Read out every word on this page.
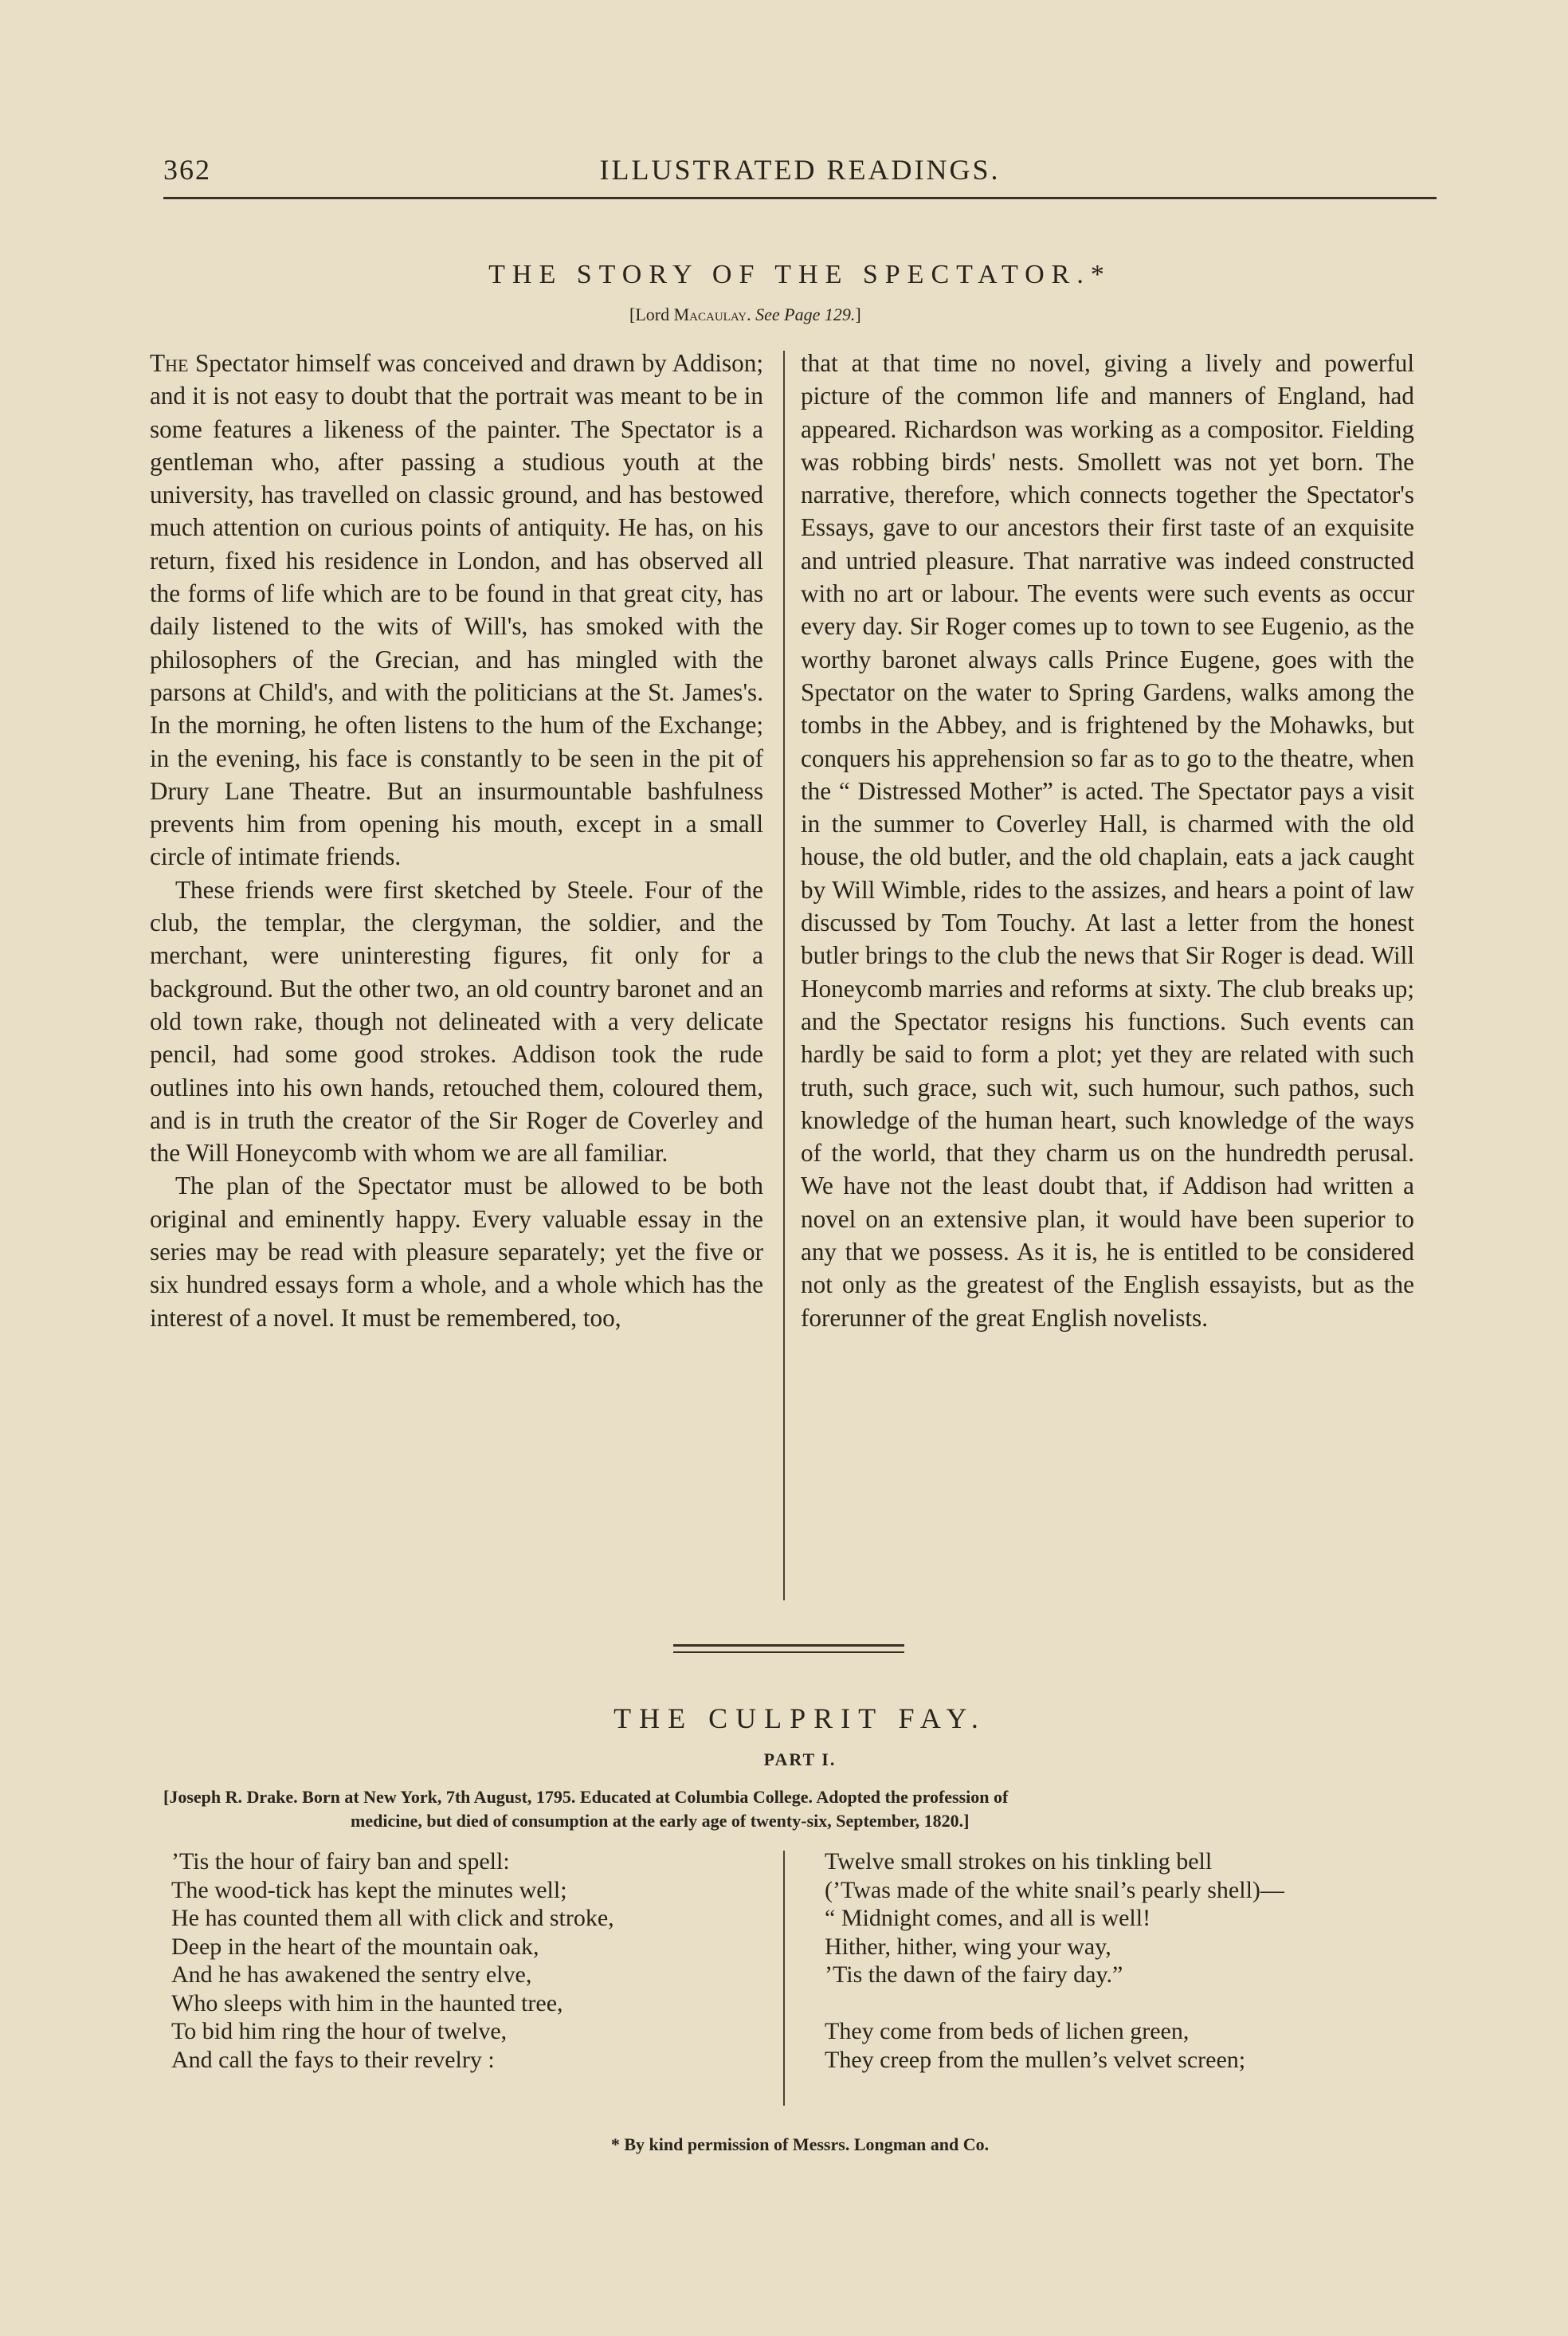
362	ILLUSTRATED READINGS.
THE STORY OF THE SPECTATOR.*
[Lord Macaulay. See Page 129.]

The Spectator himself was conceived and drawn by Addison; and it is not easy to doubt that the portrait was meant to be in some features a likeness of the painter. The Spectator is a gentleman who, after passing a studious youth at the university, has travelled on classic ground, and has bestowed much attention on curious points of antiquity. He has, on his return, fixed his residence in London, and has observed all the forms of life which are to be found in that great city, has daily listened to the wits of Will's, has smoked with the philosophers of the Grecian, and has mingled with the parsons at Child's, and with the politicians at the St. James's. In the morning, he often listens to the hum of the Exchange; in the evening, his face is constantly to be seen in the pit of Drury Lane Theatre. But an insurmountable bashfulness prevents him from opening his mouth, except in a small circle of intimate friends.

These friends were first sketched by Steele. Four of the club, the templar, the clergyman, the soldier, and the merchant, were uninteresting figures, fit only for a background. But the other two, an old country baronet and an old town rake, though not delineated with a very delicate pencil, had some good strokes. Addison took the rude outlines into his own hands, retouched them, coloured them, and is in truth the creator of the Sir Roger de Coverley and the Will Honeycomb with whom we are all familiar.

The plan of the Spectator must be allowed to be both original and eminently happy. Every valuable essay in the series may be read with pleasure separately; yet the five or six hundred essays form a whole, and a whole which has the interest of a novel. It must be remembered, too,

that at that time no novel, giving a lively and powerful picture of the common life and manners of England, had appeared. Richardson was working as a compositor. Fielding was robbing birds' nests. Smollett was not yet born. The narrative, therefore, which connects together the Spectator's Essays, gave to our ancestors their first taste of an exquisite and untried pleasure. That narrative was indeed constructed with no art or labour. The events were such events as occur every day. Sir Roger comes up to town to see Eugenio, as the worthy baronet always calls Prince Eugene, goes with the Spectator on the water to Spring Gardens, walks among the tombs in the Abbey, and is frightened by the Mohawks, but conquers his apprehension so far as to go to the theatre, when the “ Distressed Mother” is acted. The Spectator pays a visit in the summer to Coverley Hall, is charmed with the old house, the old butler, and the old chaplain, eats a jack caught by Will Wimble, rides to the assizes, and hears a point of law discussed by Tom Touchy. At last a letter from the honest butler brings to the club the news that Sir Roger is dead. Will Honeycomb marries and reforms at sixty. The club breaks up; and the Spectator resigns his functions. Such events can hardly be said to form a plot; yet they are related with such truth, such grace, such wit, such humour, such pathos, such knowledge of the human heart, such knowledge of the ways of the world, that they charm us on the hundredth perusal. We have not the least doubt that, if Addison had written a novel on an extensive plan, it would have been superior to any that we possess. As it is, he is entitled to be considered not only as the greatest of the English essayists, but as the forerunner of the great English novelists.

THE CULPRIT FAY.
PART I.
[Joseph R. Drake. Born at New York, 7th August, 1795. Educated at Columbia College. Adopted the profession of
medicine, but died of consumption at the early age of twenty-six, September, 1820.]
’Tis the hour of fairy ban and spell:
The wood-tick has kept the minutes well;
He has counted them all with click and stroke,
Deep in the heart of the mountain oak,
And he has awakened the sentry elve,
Who sleeps with him in the haunted tree,
To bid him ring the hour of twelve,
And call the fays to their revelry :
Twelve small strokes on his tinkling bell
(’Twas made of the white snail’s pearly shell)—
“ Midnight comes, and all is well!
Hither, hither, wing your way,
’Tis the dawn of the fairy day.”
They come from beds of lichen green,
They creep from the mullen’s velvet screen;
* By kind permission of Messrs. Longman and Co.
